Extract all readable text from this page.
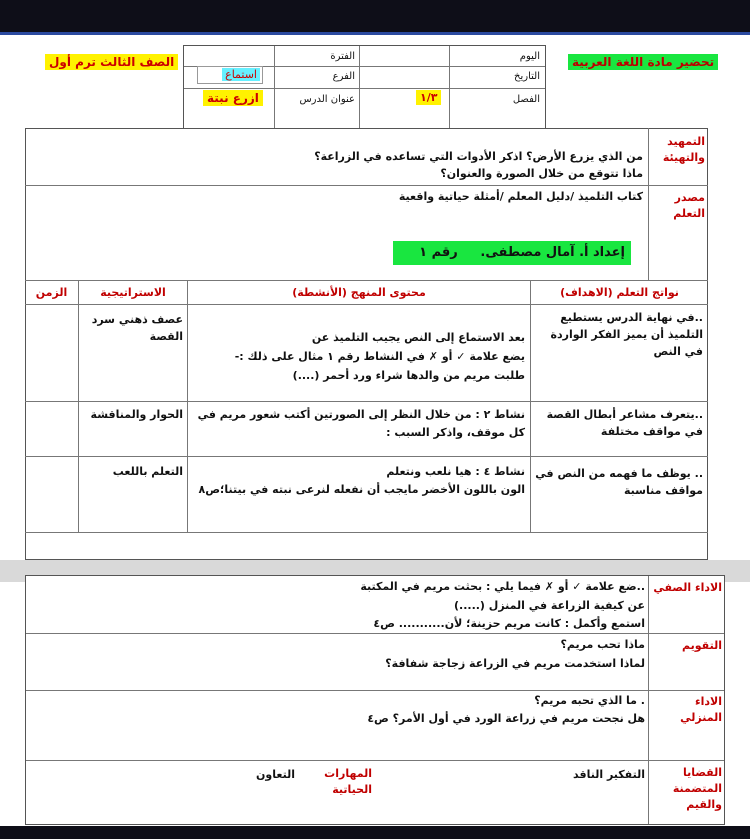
تحضير مادة اللغة العربية
الصف الثالث ترم أول	اليوم
التاريخ
الفصل
١/٣
الفترة
الفرع
عنوان الدرس
استماع
ازرع نبتة
التمهيد والتهيئة
من الذي يزرع الأرض؟ اذكر الأدوات التي تساعده في الزراعة؟
ماذا تتوقع من خلال الصورة والعنوان؟
مصدر التعلم
كتاب التلميذ /دليل المعلم /أمثلة حياتية واقعية
إعداد أ. آمال مصطفى.     رقم ١
نواتج التعلم (الاهداف)
محتوى المنهج (الأنشطة)
الاستراتيجية
الزمن
..في نهاية الدرس يستطيع التلميذ أن يميز الفكر الواردة في النص
بعد الاستماع إلى النص يجيب التلميذ عن
يضع علامة ✓ أو ✗ في النشاط رقم ١ مثال على ذلك :-
طلبت مريم من والدها شراء ورد أحمر (....)
عصف ذهني سرد القصة
..يتعرف مشاعر أبطال القصة في مواقف مختلفة
نشاط ٢ : من خلال النظر إلى الصورتين أكتب شعور مريم في
كل موقف، واذكر السبب :
الحوار والمناقشة
.. يوظف ما فهمه من النص في مواقف مناسبة
نشاط ٤ : هيا نلعب ونتعلم
الون باللون الأخضر مايجب أن نفعله لنرعى نبته في بيتنا؛ص٨
التعلم باللعب
الاداء الصفي
..ضع علامة ✓ أو ✗ فيما يلي : بحثت مريم في المكتبة
عن كيفية الزراعة في المنزل (.....)
استمع وأكمل : كانت مريم حزينة؛ لأن........... ص٤
التقويم
ماذا تحب مريم؟
لماذا استخدمت مريم في الزراعة زجاجة شفافة؟
الاداء المنزلي
. ما الذي تحبه مريم؟
هل نجحت مريم في زراعة الورد في أول الأمر؟ ص٤
القضايا المتضمنة والقيم
التفكير الناقد
المهارات الحياتية
التعاون
